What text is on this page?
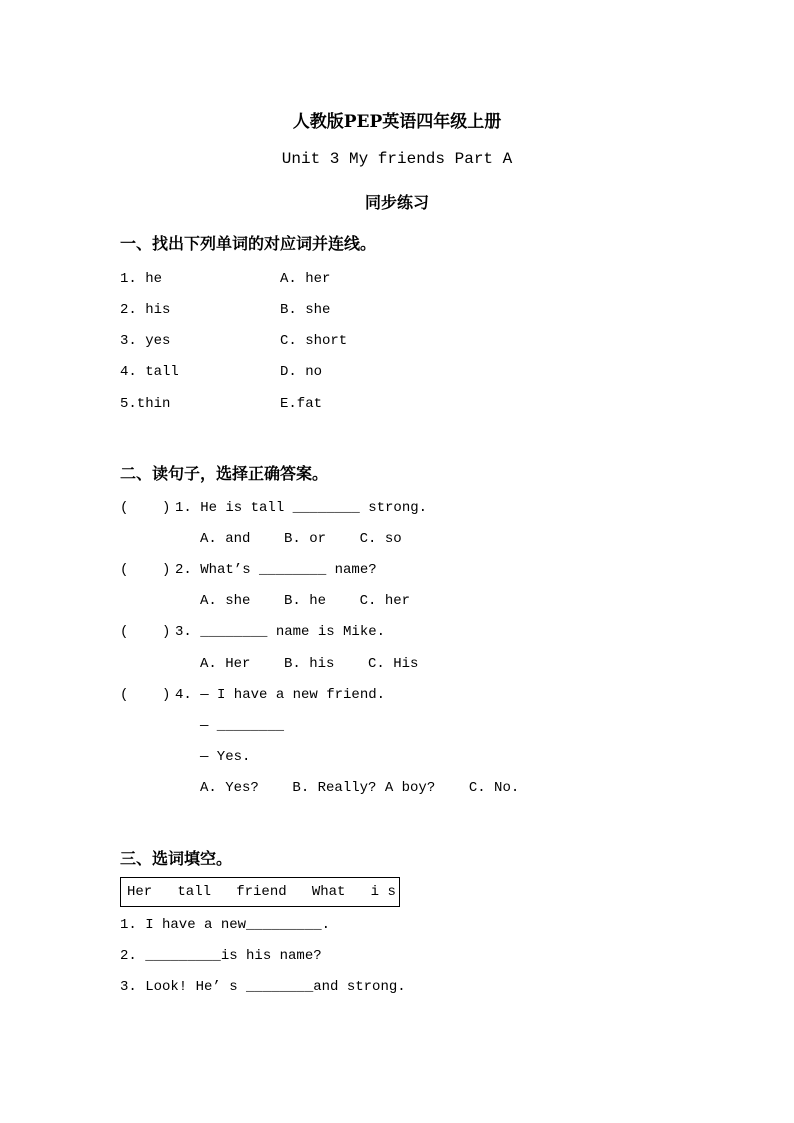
人教版PEP英语四年级上册
Unit 3 My friends Part A
同步练习
一、找出下列单词的对应词并连线。
1. he	A. her
2. his	B. she
3. yes	C. short
4. tall	D. no
5.thin	E.fat
二、读句子，选择正确答案。
(    ) 1. He is tall ________ strong.
A. and    B. or    C. so
(    ) 2. What’s ________ name?
A. she    B. he    C. her
(    ) 3. ________ name is Mike.
A. Her    B. his    C. His
(    ) 4. — I have a new friend.
— ________
— Yes.
A. Yes?    B. Really? A boy?    C. No.
三、选词填空。
Her   tall   friend   What   i s
1. I have a new_________.
2. _________is his name?
3. Look! He’ s ________and strong.
